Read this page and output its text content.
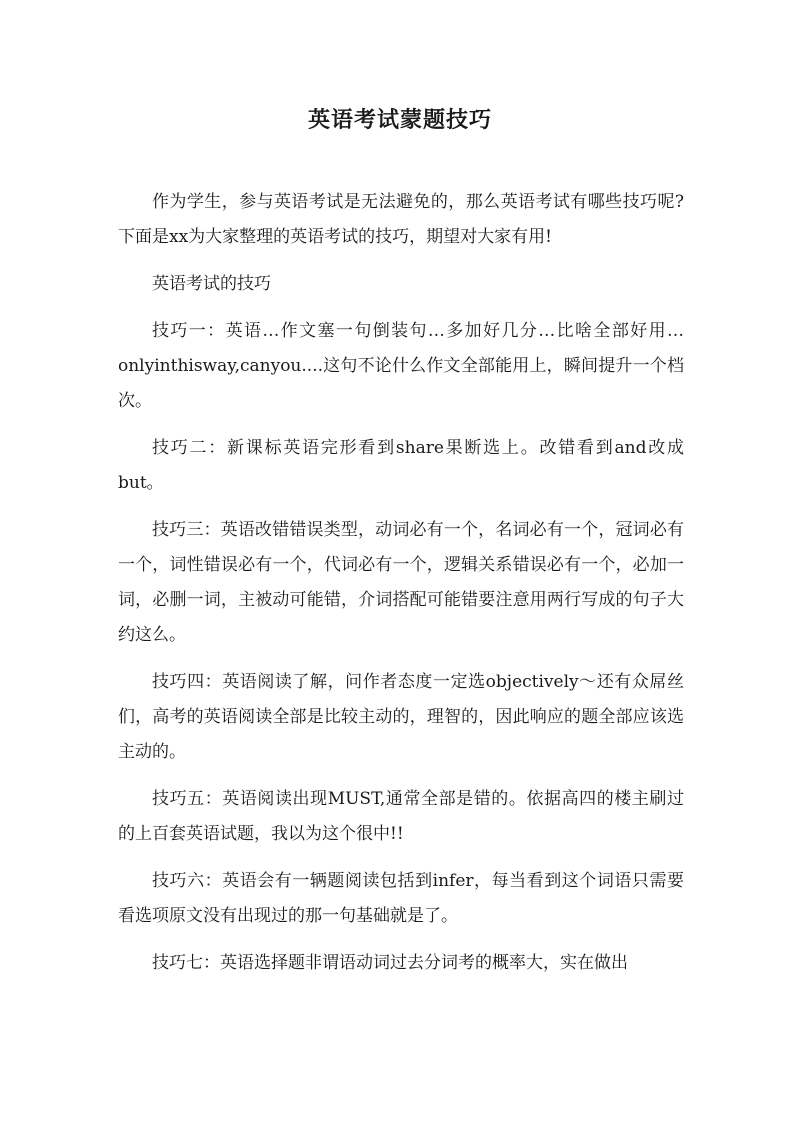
英语考试蒙题技巧

作为学生，参与英语考试是无法避免的，那么英语考试有哪些技巧呢?下面是xx为大家整理的英语考试的技巧，期望对大家有用!

英语考试的技巧

技巧一：英语…作文塞一句倒装句…多加好几分…比啥全部好用…onlyinthisway,canyou....这句不论什么作文全部能用上，瞬间提升一个档次。

技巧二：新课标英语完形看到share果断选上。改错看到and改成but。

技巧三：英语改错错误类型，动词必有一个，名词必有一个，冠词必有一个，词性错误必有一个，代词必有一个，逻辑关系错误必有一个，必加一词，必删一词，主被动可能错，介词搭配可能错要注意用两行写成的句子大约这么。

技巧四：英语阅读了解，问作者态度一定选objectively～还有众屌丝们，高考的英语阅读全部是比较主动的，理智的，因此响应的题全部应该选主动的。

技巧五：英语阅读出现MUST,通常全部是错的。依据高四的楼主刷过的上百套英语试题，我以为这个很中!!

技巧六：英语会有一辆题阅读包括到infer，每当看到这个词语只需要看选项原文没有出现过的那一句基础就是了。

技巧七：英语选择题非谓语动词过去分词考的概率大，实在做出
